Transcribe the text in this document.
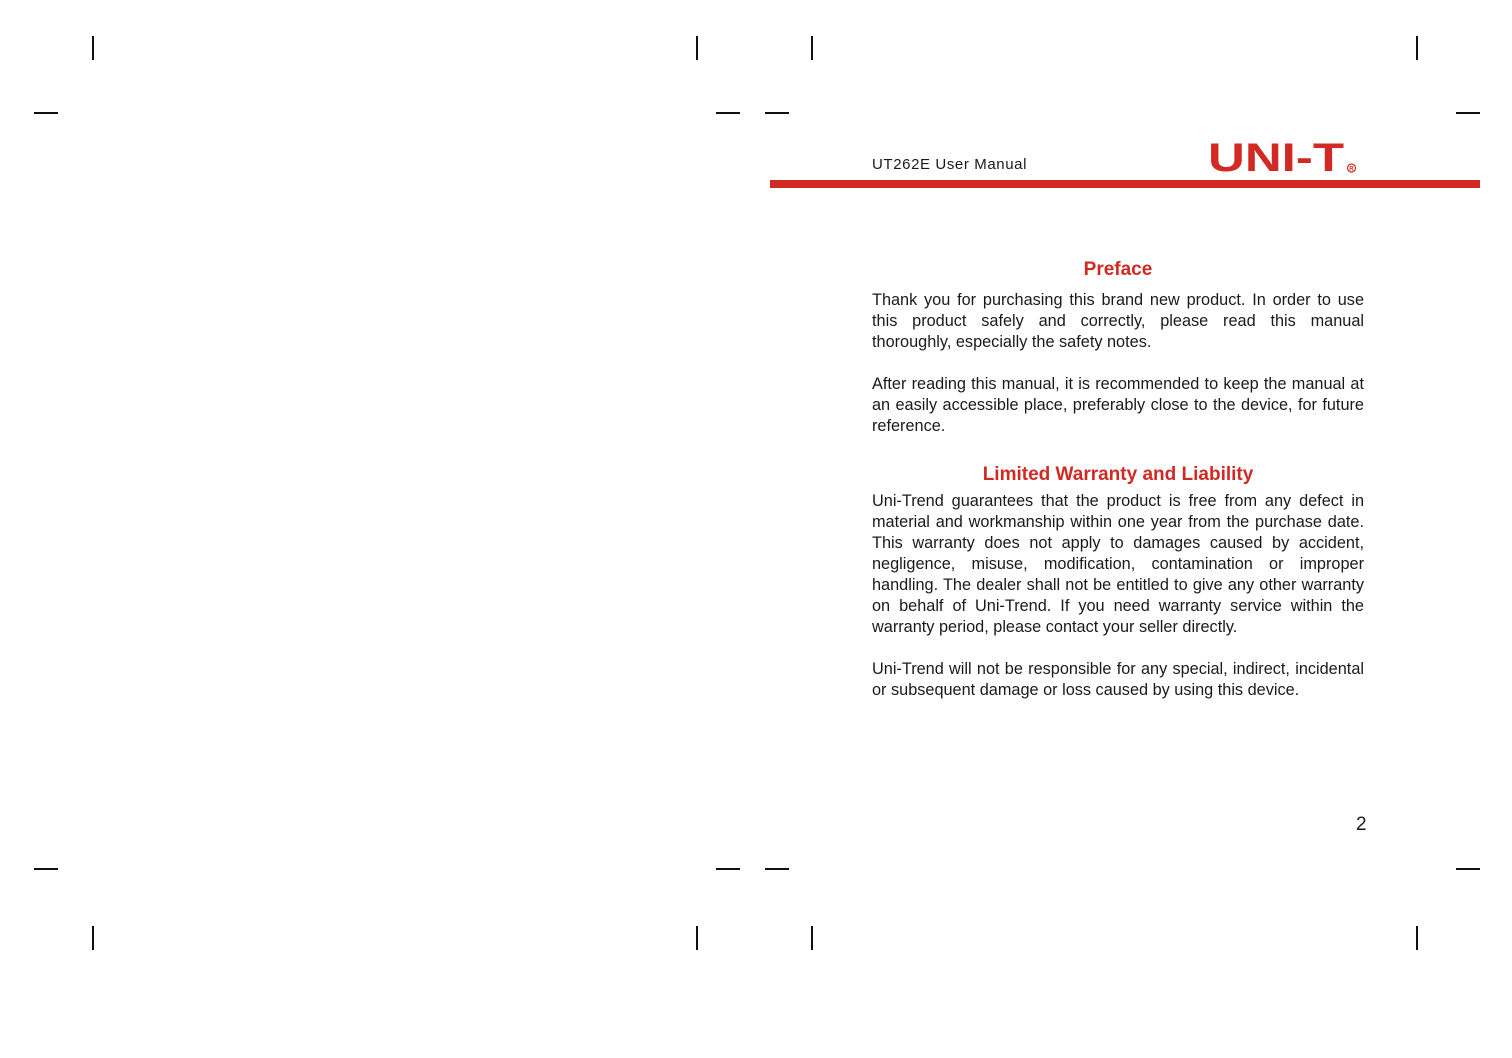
UT262E User Manual	UNI-T R
Preface

Thank you for purchasing this brand new product. In order to use this product safely and correctly, please read this manual thoroughly, especially the safety notes.

After reading this manual, it is recommended to keep the manual at an easily accessible place, preferably close to the device, for future reference.

Limited Warranty and Liability

Uni-Trend guarantees that the product is free from any defect in material and workmanship within one year from the purchase date. This warranty does not apply to damages caused by accident, negligence, misuse, modification, contamination or improper handling. The dealer shall not be entitled to give any other warranty on behalf of Uni-Trend. If you need warranty service within the warranty period, please contact your seller directly.

Uni-Trend will not be responsible for any special, indirect, incidental or subsequent damage or loss caused by using this device.

2
